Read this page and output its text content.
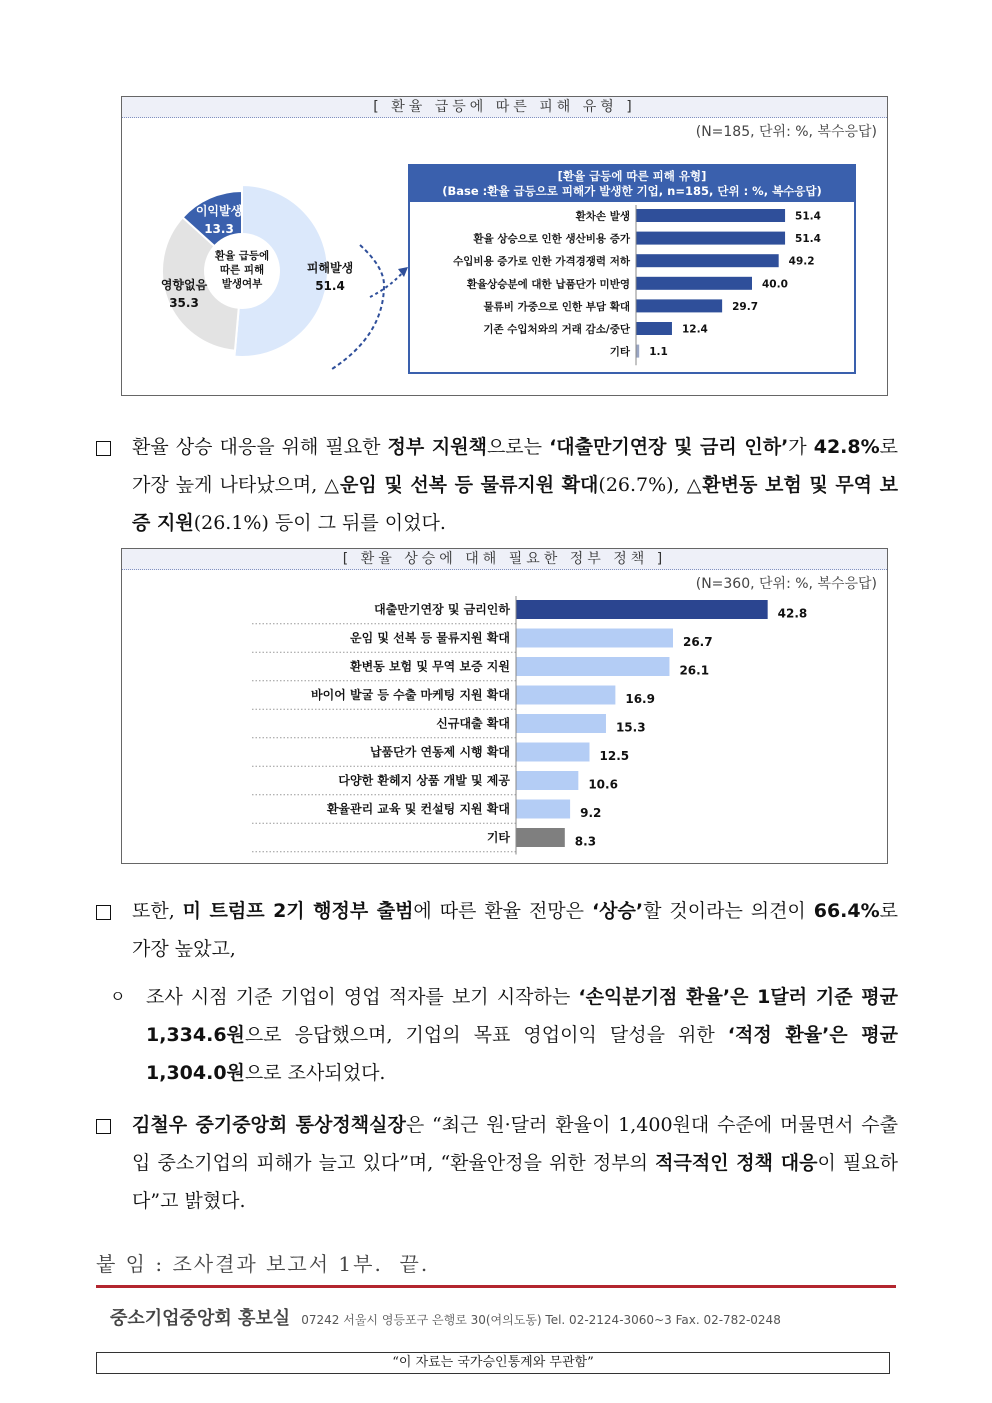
[ 환율 급등에 따른 피해 유형 ]
(N=185, 단위: %, 복수응답)
환율 급등에 따른 피해 발생여부
피해발생
51.4
영향없음
35.3
이익발생
13.3
[환율 급등에 따른 피해 유형]
(Base :환율 급등으로 피해가 발생한 기업, n=185, 단위 : %, 복수응답)
환차손 발생	51.4
환율 상승으로 인한 생산비용 증가	51.4
수입비용 증가로 인한 가격경쟁력 저하	49.2
환율상승분에 대한 납품단가 미반영	40.0
물류비 가중으로 인한 부담 확대	29.7
기존 수입처와의 거래 감소/중단	12.4
기타 1.1
환율 상승 대응을 위해 필요한 정부 지원책으로는 ‘대출만기연장 및 금리 인하’가 42.8%로 가장 높게 나타났으며, △운임 및 선복 등 물류지원 확대(26.7%), △환변동 보험 및 무역 보증 지원(26.1%) 등이 그 뒤를 이었다.
[ 환율 상승에 대해 필요한 정부 정책 ]
(N=360, 단위: %, 복수응답)
대출만기연장 및 금리인하	42.8
운임 및 선복 등 물류지원 확대	26.7
환변동 보험 및 무역 보증 지원	26.1
바이어 발굴 등 수출 마케팅 지원 확대	16.9
신규대출 확대	15.3
납품단가 연동제 시행 확대	12.5
다양한 환헤지 상품 개발 및 제공	10.6
환율관리 교육 및 컨설팅 지원 확대	9.2
기타	8.3
또한, 미 트럼프 2기 행정부 출범에 따른 환율 전망은 ‘상승’할 것이라는 의견이 66.4%로 가장 높았고,
ㅇ	조사 시점 기준 기업이 영업 적자를 보기 시작하는 ‘손익분기점 환율’은 1달러 기준 평균 1,334.6원으로 응답했으며, 기업의 목표 영업이익 달성을 위한 ‘적정 환율’은 평균 1,304.0원으로 조사되었다.
김철우 중기중앙회 통상정책실장은 “최근 원·달러 환율이 1,400원대 수준에 머물면서 수출입 중소기업의 피해가 늘고 있다”며, “환율안정을 위한 정부의 적극적인 정책 대응이 필요하다”고 밝혔다.
붙 임 : 조사결과 보고서 1부.  끝.
중소기업중앙회 홍보실 07242 서울시 영등포구 은행로 30(여의도동) Tel. 02-2124-3060~3 Fax. 02-782-0248
“이 자료는 국가승인통계와 무관함”
